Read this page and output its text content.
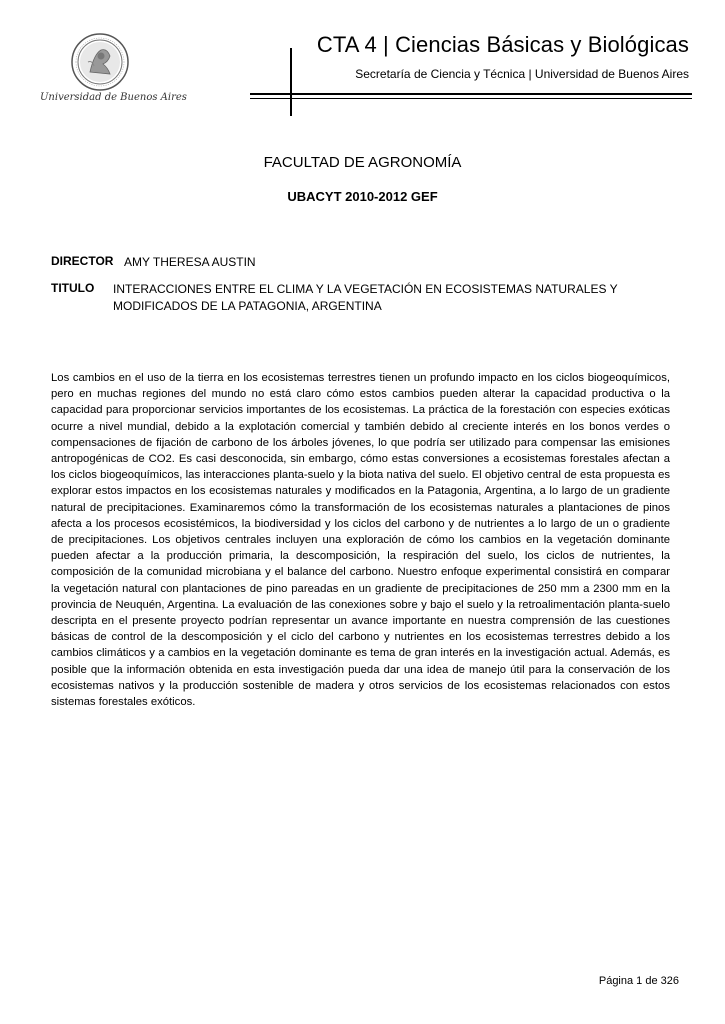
Universidad de Buenos Aires
CTA 4 | Ciencias Básicas y Biológicas
Secretaría de Ciencia y Técnica | Universidad de Buenos Aires
FACULTAD DE AGRONOMÍA
UBACYT 2010-2012 GEF
DIRECTOR AMY THERESA AUSTIN
TITULO INTERACCIONES ENTRE EL CLIMA Y LA VEGETACIÓN EN ECOSISTEMAS NATURALES Y MODIFICADOS DE LA PATAGONIA, ARGENTINA

Los cambios en el uso de la tierra en los ecosistemas terrestres tienen un profundo impacto en los ciclos biogeoquímicos, pero en muchas regiones del mundo no está claro cómo estos cambios pueden alterar la capacidad productiva o la capacidad para proporcionar servicios importantes de los ecosistemas. La práctica de la forestación con especies exóticas ocurre a nivel mundial, debido a la explotación comercial y también debido al creciente interés en los bonos verdes o compensaciones de fijación de carbono de los árboles jóvenes, lo que podría ser utilizado para compensar las emisiones antropogénicas de CO2. Es casi desconocida, sin embargo, cómo estas conversiones a ecosistemas forestales afectan a los ciclos biogeoquímicos, las interacciones planta-suelo y la biota nativa del suelo. El objetivo central de esta propuesta es explorar estos impactos en los ecosistemas naturales y modificados en la Patagonia, Argentina, a lo largo de un gradiente natural de precipitaciones. Examinaremos cómo la transformación de los ecosistemas naturales a plantaciones de pinos afecta a los procesos ecosistémicos, la biodiversidad y los ciclos del carbono y de nutrientes a lo largo de un o gradiente de precipitaciones. Los objetivos centrales incluyen una exploración de cómo los cambios en la vegetación dominante pueden afectar a la producción primaria, la descomposición, la respiración del suelo, los ciclos de nutrientes, la composición de la comunidad microbiana y el balance del carbono. Nuestro enfoque experimental consistirá en comparar la vegetación natural con plantaciones de pino pareadas en un gradiente de precipitaciones de 250 mm a 2300 mm en la provincia de Neuquén, Argentina. La evaluación de las conexiones sobre y bajo el suelo y la retroalimentación planta-suelo descripta en el presente proyecto podrían representar un avance importante en nuestra comprensión de las cuestiones básicas de control de la descomposición y el ciclo del carbono y nutrientes en los ecosistemas terrestres debido a los cambios climáticos y a cambios en la vegetación dominante es tema de gran interés en la investigación actual. Además, es posible que la información obtenida en esta investigación pueda dar una idea de manejo útil para la conservación de los ecosistemas nativos y la producción sostenible de madera y otros servicios de los ecosistemas relacionados con estos sistemas forestales exóticos.

Página 1 de 326
